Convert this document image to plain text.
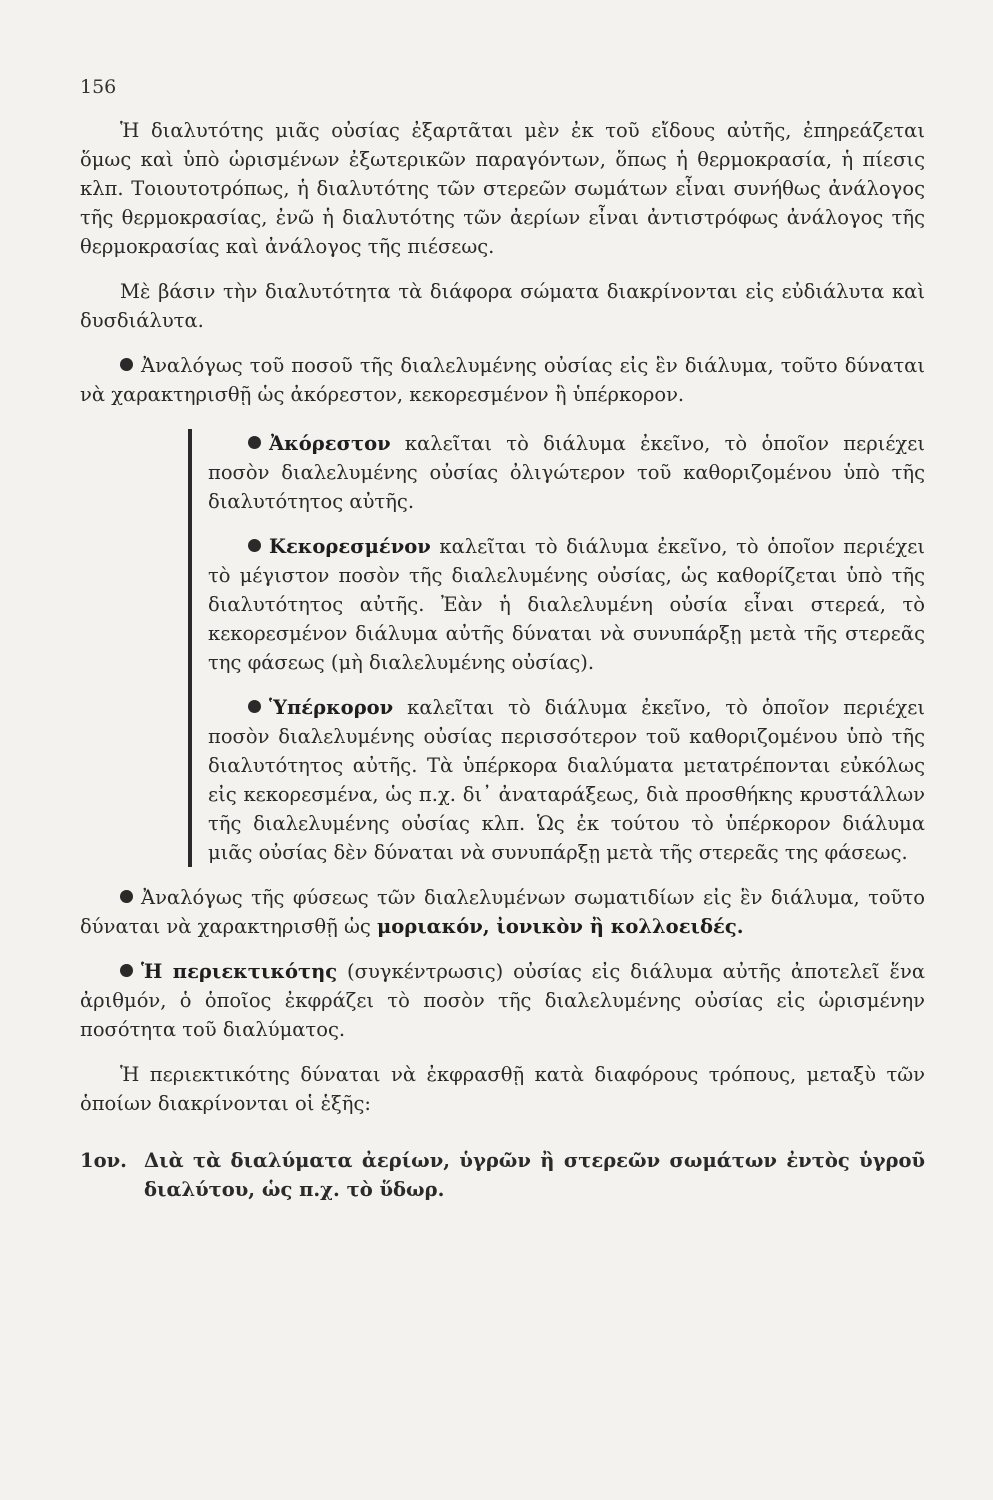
156

Ἡ διαλυτότης μιᾶς οὐσίας ἐξαρτᾶται μὲν ἐκ τοῦ εἴδους αὐτῆς, ἐπηρεάζεται ὅμως καὶ ὑπὸ ὡρισμένων ἐξωτερικῶν παραγόντων, ὅπως ἡ θερμοκρασία, ἡ πίεσις κλπ. Τοιουτοτρόπως, ἡ διαλυτότης τῶν στερεῶν σωμάτων εἶναι συνήθως ἀνάλογος τῆς θερμοκρασίας, ἐνῶ ἡ διαλυτότης τῶν ἀερίων εἶναι ἀντιστρόφως ἀνάλογος τῆς θερμοκρασίας καὶ ἀνάλογος τῆς πιέσεως.

Μὲ βάσιν τὴν διαλυτότητα τὰ διάφορα σώματα διακρίνονται εἰς εὐδιάλυτα καὶ δυσδιάλυτα.

Ἀναλόγως τοῦ ποσοῦ τῆς διαλελυμένης οὐσίας εἰς ἓν διάλυμα, τοῦτο δύναται νὰ χαρακτηρισθῇ ὡς ἀκόρεστον, κεκορεσμένον ἢ ὑπέρκορον.

Ἀκόρεστον καλεῖται τὸ διάλυμα ἐκεῖνο, τὸ ὁποῖον περιέχει ποσὸν διαλελυμένης οὐσίας ὀλιγώτερον τοῦ καθοριζομένου ὑπὸ τῆς διαλυτότητος αὐτῆς.

Κεκορεσμένον καλεῖται τὸ διάλυμα ἐκεῖνο, τὸ ὁποῖον περιέχει τὸ μέγιστον ποσὸν τῆς διαλελυμένης οὐσίας, ὡς καθορίζεται ὑπὸ τῆς διαλυτότητος αὐτῆς. Ἐὰν ἡ διαλελυμένη οὐσία εἶναι στερεά, τὸ κεκορεσμένον διάλυμα αὐτῆς δύναται νὰ συνυπάρξῃ μετὰ τῆς στερεᾶς της φάσεως (μὴ διαλελυμένης οὐσίας).

Ὑπέρκορον καλεῖται τὸ διάλυμα ἐκεῖνο, τὸ ὁποῖον περιέχει ποσὸν διαλελυμένης οὐσίας περισσότερον τοῦ καθοριζομένου ὑπὸ τῆς διαλυτότητος αὐτῆς. Τὰ ὑπέρκορα διαλύματα μετατρέπονται εὐκόλως εἰς κεκορεσμένα, ὡς π.χ. δι᾽ ἀναταράξεως, διὰ προσθήκης κρυστάλλων τῆς διαλελυμένης οὐσίας κλπ. Ὡς ἐκ τούτου τὸ ὑπέρκορον διάλυμα μιᾶς οὐσίας δὲν δύναται νὰ συνυπάρξῃ μετὰ τῆς στερεᾶς της φάσεως.

Ἀναλόγως τῆς φύσεως τῶν διαλελυμένων σωματιδίων εἰς ἓν διάλυμα, τοῦτο δύναται νὰ χαρακτηρισθῇ ὡς μοριακόν, ἰονικὸν ἢ κολλοειδές.

Ἡ περιεκτικότης (συγκέντρωσις) οὐσίας εἰς διάλυμα αὐτῆς ἀποτελεῖ ἕνα ἀριθμόν, ὁ ὁποῖος ἐκφράζει τὸ ποσὸν τῆς διαλελυμένης οὐσίας εἰς ὡρισμένην ποσότητα τοῦ διαλύματος.

Ἡ περιεκτικότης δύναται νὰ ἐκφρασθῇ κατὰ διαφόρους τρόπους, μεταξὺ τῶν ὁποίων διακρίνονται οἱ ἑξῆς:

1ον. Διὰ τὰ διαλύματα ἀερίων, ὑγρῶν ἢ στερεῶν σωμάτων ἐντὸς ὑγροῦ διαλύτου, ὡς π.χ. τὸ ὕδωρ.
